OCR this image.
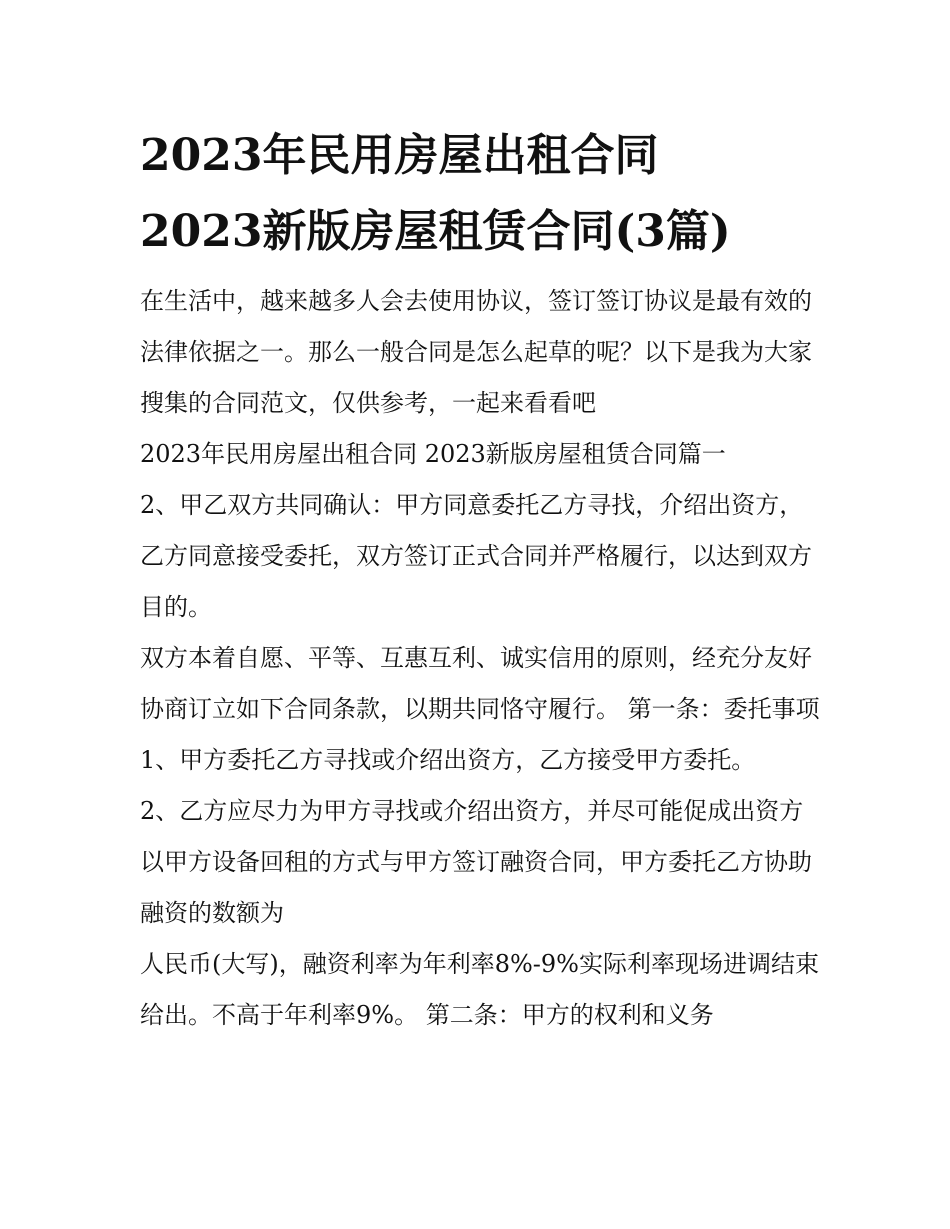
2023年民用房屋出租合同
2023新版房屋租赁合同(3篇)

在生活中，越来越多人会去使用协议，签订签订协议是最有效的法律依据之一。那么一般合同是怎么起草的呢？以下是我为大家搜集的合同范文，仅供参考，一起来看看吧

2023年民用房屋出租合同 2023新版房屋租赁合同篇一

2、甲乙双方共同确认：甲方同意委托乙方寻找，介绍出资方，乙方同意接受委托，双方签订正式合同并严格履行，以达到双方目的。

双方本着自愿、平等、互惠互利、诚实信用的原则，经充分友好协商订立如下合同条款，以期共同恪守履行。 第一条：委托事项

1、甲方委托乙方寻找或介绍出资方，乙方接受甲方委托。

2、乙方应尽力为甲方寻找或介绍出资方，并尽可能促成出资方以甲方设备回租的方式与甲方签订融资合同，甲方委托乙方协助融资的数额为

人民币(大写)，融资利率为年利率8%-9%实际利率现场进调结束给出。不高于年利率9%。 第二条：甲方的权利和义务
